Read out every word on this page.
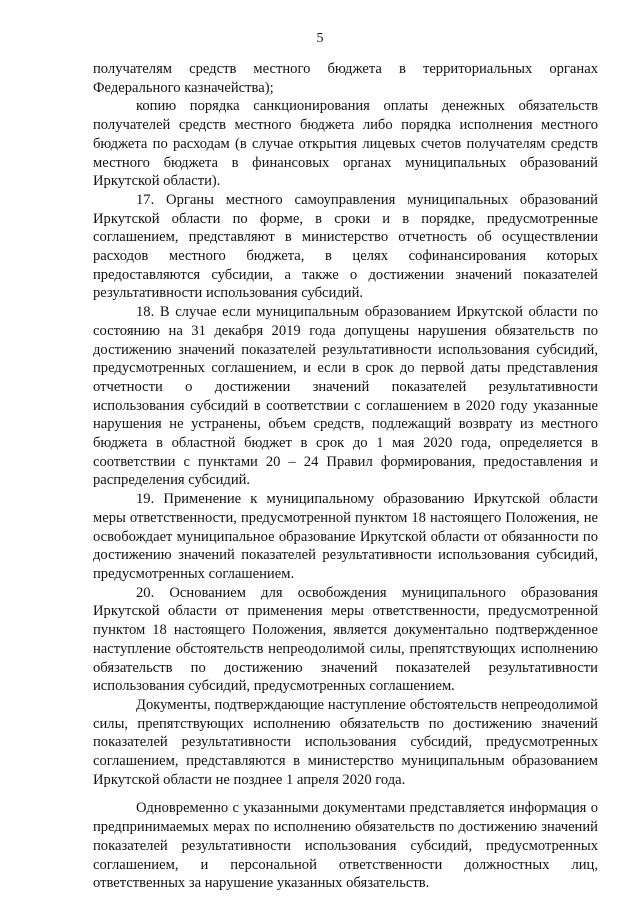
5

получателям средств местного бюджета в территориальных органах Федерального казначейства);

копию порядка санкционирования оплаты денежных обязательств получателей средств местного бюджета либо порядка исполнения местного бюджета по расходам (в случае открытия лицевых счетов получателям средств местного бюджета в финансовых органах муниципальных образований Иркутской области).

17. Органы местного самоуправления муниципальных образований Иркутской области по форме, в сроки и в порядке, предусмотренные соглашением, представляют в министерство отчетность об осуществлении расходов местного бюджета, в целях софинансирования которых предоставляются субсидии, а также о достижении значений показателей результативности использования субсидий.

18. В случае если муниципальным образованием Иркутской области по состоянию на 31 декабря 2019 года допущены нарушения обязательств по достижению значений показателей результативности использования субсидий, предусмотренных соглашением, и если в срок до первой даты представления отчетности о достижении значений показателей результативности использования субсидий в соответствии с соглашением в 2020 году указанные нарушения не устранены, объем средств, подлежащий возврату из местного бюджета в областной бюджет в срок до 1 мая 2020 года, определяется в соответствии с пунктами 20 – 24 Правил формирования, предоставления и распределения субсидий.

19. Применение к муниципальному образованию Иркутской области меры ответственности, предусмотренной пунктом 18 настоящего Положения, не освобождает муниципальное образование Иркутской области от обязанности по достижению значений показателей результативности использования субсидий, предусмотренных соглашением.

20. Основанием для освобождения муниципального образования Иркутской области от применения меры ответственности, предусмотренной пунктом 18 настоящего Положения, является документально подтвержденное наступление обстоятельств непреодолимой силы, препятствующих исполнению обязательств по достижению значений показателей результативности использования субсидий, предусмотренных соглашением.

Документы, подтверждающие наступление обстоятельств непреодолимой силы, препятствующих исполнению обязательств по достижению значений показателей результативности использования субсидий, предусмотренных соглашением, представляются в министерство муниципальным образованием Иркутской области не позднее 1 апреля 2020 года.

Одновременно с указанными документами представляется информация о предпринимаемых мерах по исполнению обязательств по достижению значений показателей результативности использования субсидий, предусмотренных соглашением, и персональной ответственности должностных лиц, ответственных за нарушение указанных обязательств.
